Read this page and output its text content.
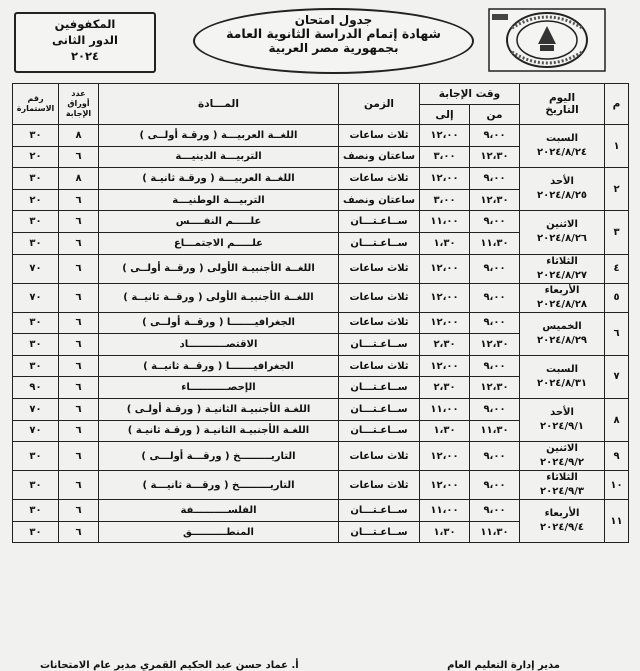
المكفوفين
الدور الثانى
٢٠٢٤
جدول امتحان
شهادة إتمام الدراسة الثانوية العامة
بجمهورية مصر العربية
م	اليوم
التاريخ	وقت الإجابة		الزمن	المـــادة	عدد أوراق الإجابة	رقم الاستمارة
		من	إلى				
١	السبت
٢٠٢٤/٨/٢٤	٩،٠٠	١٢،٠٠	ثلاث ساعات	اللغــة العربيـــة ( ورقـة أولــى )	٨	٣٠
		١٢،٣٠	٣،٠٠	ساعتان ونصف	التربيـــة الدينيـــة	٦	٢٠
٢	الأحد
٢٠٢٤/٨/٢٥	٩،٠٠	١٢،٠٠	ثلاث ساعات	اللغــة العربيـــة ( ورقـة ثانيـة )	٨	٣٠
		١٢،٣٠	٣،٠٠	ساعتان ونصف	التربيـــة الوطنيـــة	٦	٢٠
٣	الاثنين
٢٠٢٤/٨/٢٦	٩،٠٠	١١،٠٠	ســاعـتـــان	علـــــم النفــــس	٦	٣٠
		١١،٣٠	١،٣٠	ســاعـتـــان	علـــــم الاجتمـــاع	٦	٣٠
٤	الثلاثاء
٢٠٢٤/٨/٢٧	٩،٠٠	١٢،٠٠	ثلاث ساعات	اللغــة الأجنبيـة الأولى ( ورقــة أولــى )	٦	٧٠
٥	الأربعاء
٢٠٢٤/٨/٢٨	٩،٠٠	١٢،٠٠	ثلاث ساعات	اللغــة الأجنبيـة الأولى ( ورقــة ثانيــة )	٦	٧٠
٦	الخميس
٢٠٢٤/٨/٢٩	٩،٠٠	١٢،٠٠	ثلاث ساعات	الجغرافيـــــــا ( ورقــة أولــى )	٦	٣٠
		١٢،٣٠	٢،٣٠	ســاعـتـــان	الاقتصـــــــــــاد	٦	٣٠
٧	السبت
٢٠٢٤/٨/٣١	٩،٠٠	١٢،٠٠	ثلاث ساعات	الجغرافيـــــــا ( ورقــة ثانيــة )	٦	٣٠
		١٢،٣٠	٢،٣٠	ســاعـتـــان	الإحصـــــــــــاء	٦	٩٠
٨	الأحد
٢٠٢٤/٩/١	٩،٠٠	١١،٠٠	ســاعـتـــان	اللغـة الأجنبيـة الثانيـة ( ورقـة أولـى )	٦	٧٠
		١١،٣٠	١،٣٠	ســاعـتـــان	اللغـة الأجنبيـة الثانيـة ( ورقـة ثانيـة )	٦	٧٠
٩	الاثنين
٢٠٢٤/٩/٢	٩،٠٠	١٢،٠٠	ثلاث ساعات	التاريـــــــــخ ( ورقـــة أولـــى )	٦	٣٠
١٠	الثلاثاء
٢٠٢٤/٩/٣	٩،٠٠	١٢،٠٠	ثلاث ساعات	التاريـــــــــخ ( ورقـــة ثانيـــة )	٦	٣٠
١١	الأربعاء
٢٠٢٤/٩/٤	٩،٠٠	١١،٠٠	ســاعـتـــان	الفلســــــــــفة	٦	٣٠
		١١،٣٠	١،٣٠	ســاعـتـــان	المنطــــــــــق	٦	٣٠
مدير إدارة التعليم العام
أ. عماد حسن عبد الحكيم القمري مدير عام الامتحانات
